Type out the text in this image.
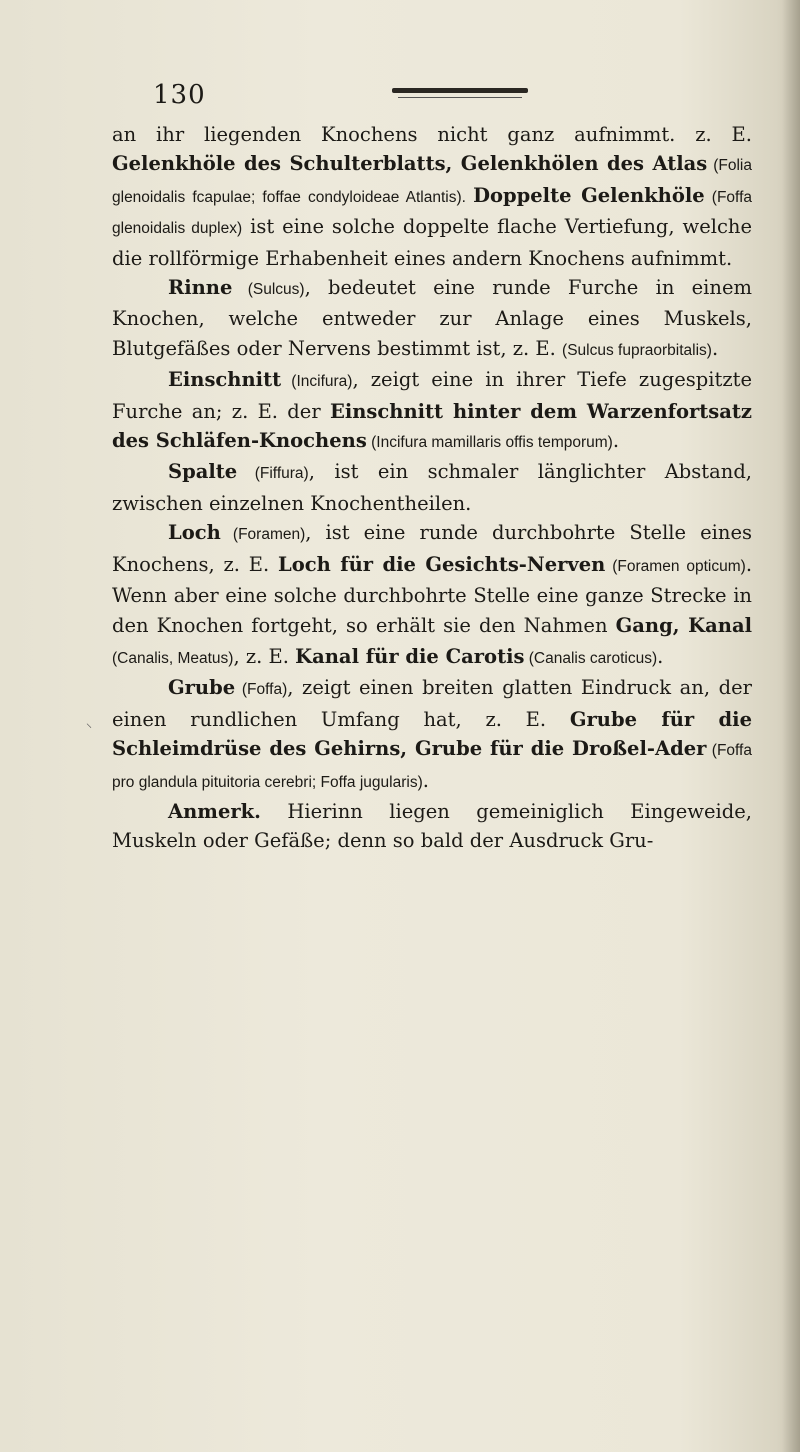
130
⸜

an ihr liegenden Knochens nicht ganz aufnimmt. z. E. Gelenkhöle des Schulterblatts, Gelenkhölen des Atlas (Folia glenoidalis fcapulae; foffae condyloideae Atlantis). Doppelte Gelenkhöle (Foffa glenoidalis duplex) ist eine solche doppelte flache Vertiefung, welche die rollförmige Erhabenheit eines andern Knochens aufnimmt.

Rinne (Sulcus), bedeutet eine runde Furche in einem Knochen, welche entweder zur Anlage eines Muskels, Blutgefäßes oder Nervens bestimmt ist, z. E. (Sulcus fupraorbitalis).

Einschnitt (Incifura), zeigt eine in ihrer Tiefe zugespitzte Furche an; z. E. der Einschnitt hinter dem Warzenfortsatz des Schläfen-Knochens (Incifura mamillaris offis temporum).

Spalte (Fiffura), ist ein schmaler länglichter Abstand, zwischen einzelnen Knochentheilen.

Loch (Foramen), ist eine runde durchbohrte Stelle eines Knochens, z. E. Loch für die Gesichts-Nerven (Foramen opticum). Wenn aber eine solche durchbohrte Stelle eine ganze Strecke in den Knochen fortgeht, so erhält sie den Nahmen Gang, Kanal (Canalis, Meatus), z. E. Kanal für die Carotis (Canalis caroticus).

Grube (Foffa), zeigt einen breiten glatten Eindruck an, der einen rundlichen Umfang hat, z. E. Grube für die Schleimdrüse des Gehirns, Grube für die Droßel-Ader (Foffa pro glandula pituitoria cerebri; Foffa jugularis).

Anmerk. Hierinn liegen gemeiniglich Eingeweide, Muskeln oder Gefäße; denn so bald der Ausdruck Gru-
